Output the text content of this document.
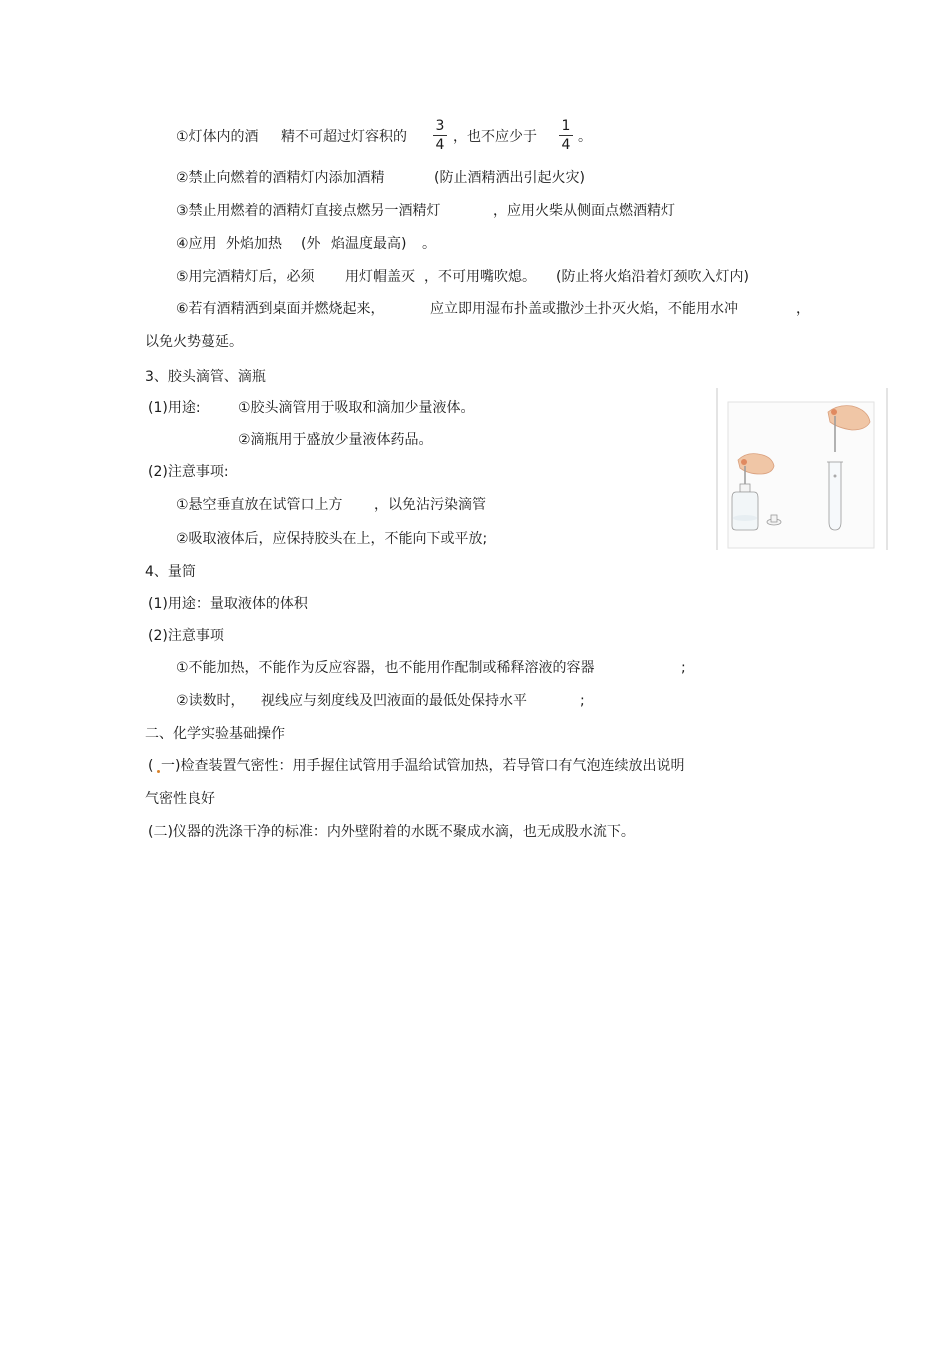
①灯体内的酒 精不可超过灯容积的
3
4 ，也不应少于
1
4 。
②禁止向燃着的酒精灯内添加酒精	(防止酒精洒出引起火灾)
③禁止用燃着的酒精灯直接点燃另一酒精灯	，应用火柴从侧面点燃酒精灯
④应用 外焰加热 (外 焰温度最高) 。
⑤用完酒精灯后，必须 用灯帽盖灭 ，不可用嘴吹熄。 (防止将火焰沿着灯颈吹入灯内)
⑥若有酒精洒到桌面并燃烧起来，	应立即用湿布扑盖或撒沙土扑灭火焰，不能用水冲	，
以免火势蔓延。
3、胶头滴管、滴瓶
(1)用途:	①胶头滴管用于吸取和滴加少量液体。
②滴瓶用于盛放少量液体药品。
(2)注意事项:
①悬空垂直放在试管口上方 ，以免沾污染滴管
②吸取液体后，应保持胶头在上，不能向下或平放;
4、量筒
(1)用途：量取液体的体积
(2)注意事项
①不能加热，不能作为反应容器，也不能用作配制或稀释溶液的容器	;
②读数时， 视线应与刻度线及凹液面的最低处保持水平	;
二、化学实验基础操作
( 一)检查装置气密性：用手握住试管用手温给试管加热，若导管口有气泡连续放出说明
气密性良好
(二)仪器的洗涤干净的标准：内外壁附着的水既不聚成水滴，也无成股水流下。
